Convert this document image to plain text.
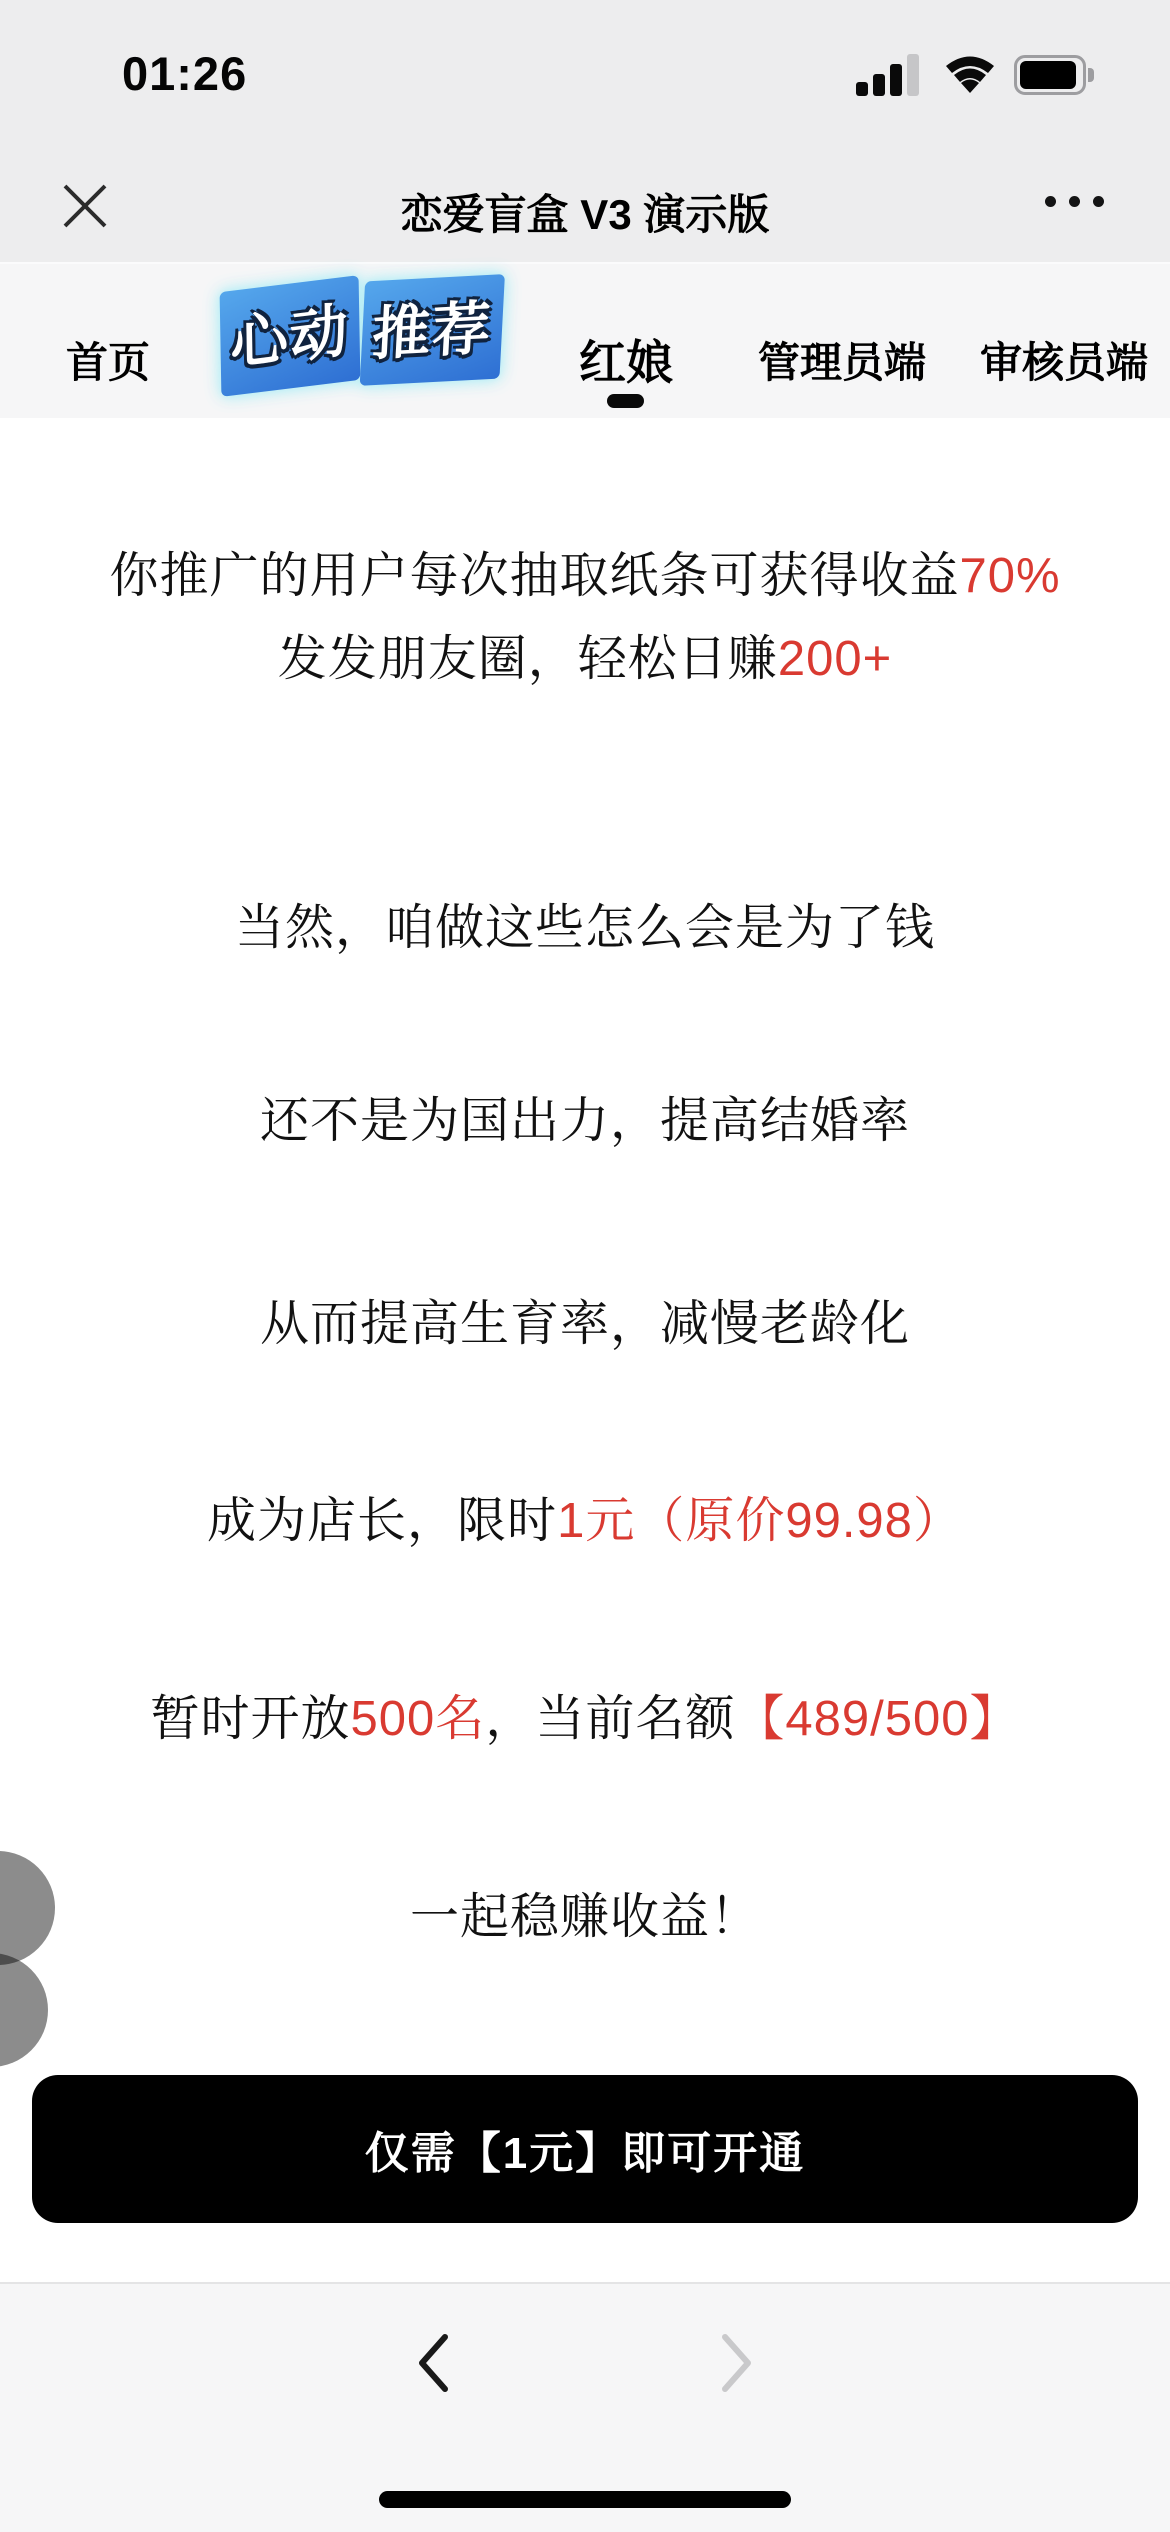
01:26
恋爱盲盒 V3 演示版
首页 心动 推荐 红娘 管理员端 审核员端
你推广的用户每次抽取纸条可获得收益70%
发发朋友圈，轻松日赚200+
当然，咱做这些怎么会是为了钱
还不是为国出力，提高结婚率
从而提高生育率，减慢老龄化
成为店长，限时1元（原价99.98）
暂时开放500名，当前名额【489/500】
一起稳赚收益！
仅需【1元】即可开通
